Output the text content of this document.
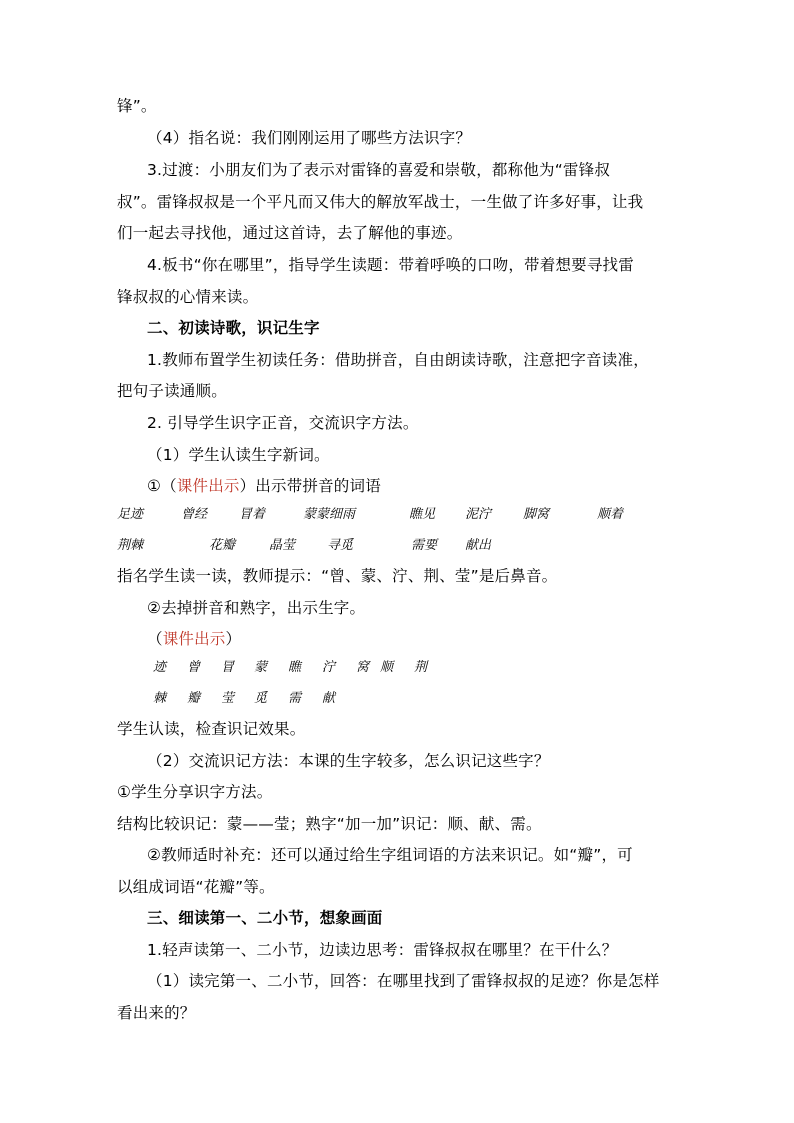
锋”。

（4）指名说：我们刚刚运用了哪些方法识字？

3.过渡：小朋友们为了表示对雷锋的喜爱和崇敬，都称他为“雷锋叔

叔”。雷锋叔叔是一个平凡而又伟大的解放军战士，一生做了许多好事，让我

们一起去寻找他，通过这首诗，去了解他的事迹。

4.板书“你在哪里”，指导学生读题：带着呼唤的口吻，带着想要寻找雷

锋叔叔的心情来读。

二、初读诗歌，识记生字

1.教师布置学生初读任务：借助拼音，自由朗读诗歌，注意把字音读准，

把句子读通顺。

2. 引导学生识字正音，交流识字方法。

（1）学生认读生字新词。

①（课件出示）出示带拼音的词语

足迹	曾经 冒着	蒙蒙细雨	瞧见 泥泞 脚窝	顺着
荆棘	花瓣	晶莹 寻觅	需要 献出

指名学生读一读，教师提示：“曾、蒙、泞、荆、莹”是后鼻音。

②去掉拼音和熟字，出示生字。

（课件出示）

迹 曾 冒 蒙 瞧 泞 窝 顺 荆
棘 瓣 莹 觅 需 献

学生认读，检查识记效果。

（2）交流识记方法：本课的生字较多，怎么识记这些字？

①学生分享识字方法。

结构比较识记：蒙——莹；熟字“加一加”识记：顺、献、需。

②教师适时补充：还可以通过给生字组词语的方法来识记。如“瓣”，可

以组成词语“花瓣”等。

三、细读第一、二小节，想象画面

1.轻声读第一、二小节，边读边思考：雷锋叔叔在哪里？在干什么？

（1）读完第一、二小节，回答：在哪里找到了雷锋叔叔的足迹？你是怎样

看出来的？
